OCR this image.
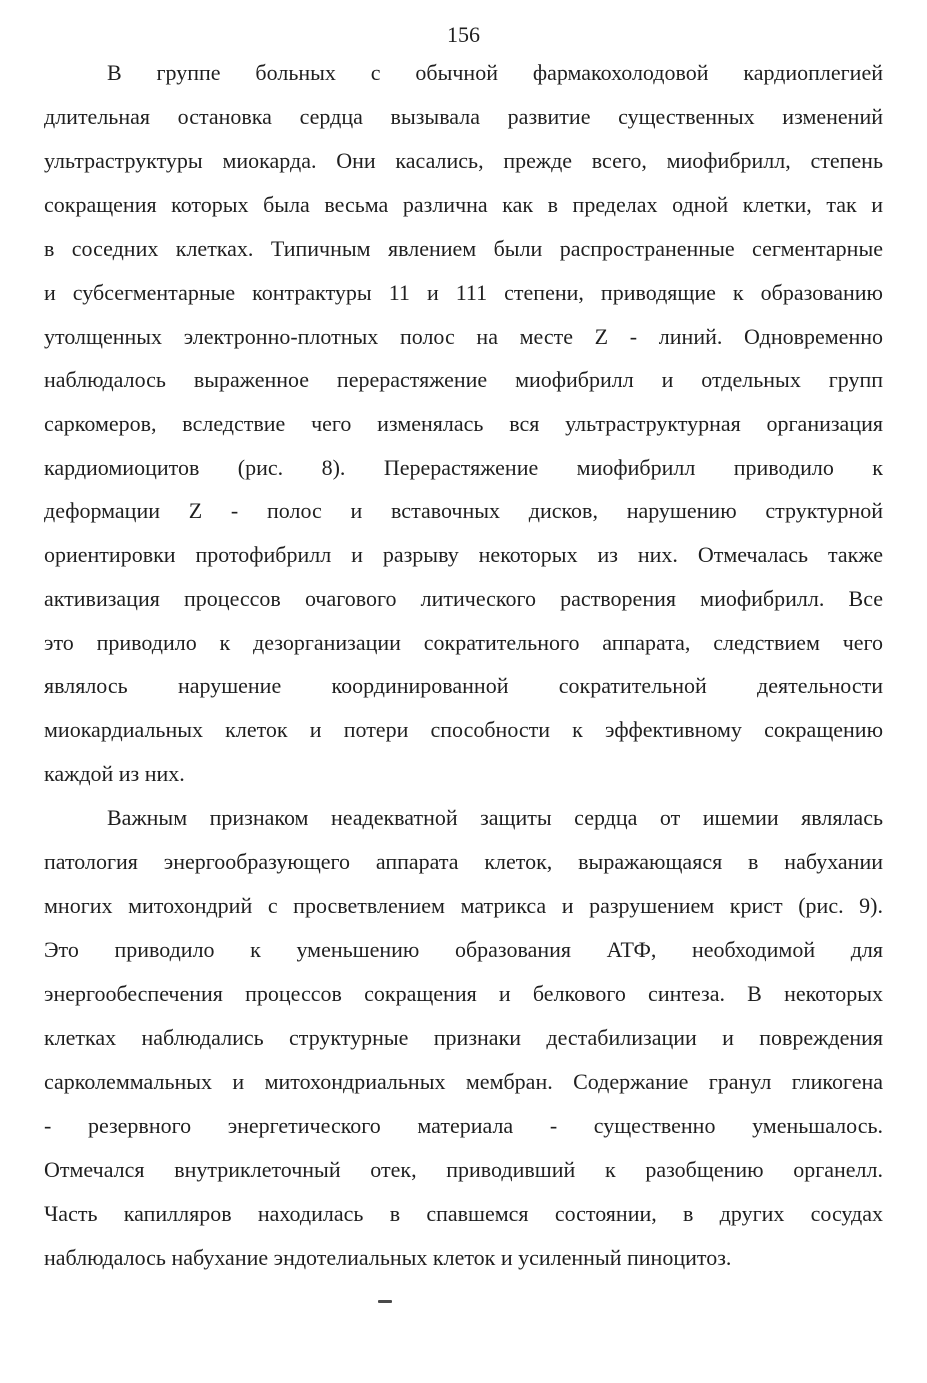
156
В группе больных с обычной фармакохолодовой кардиоплегией
длительная остановка сердца вызывала развитие существенных изменений
ультраструктуры миокарда. Они касались, прежде всего, миофибрилл, степень
сокращения которых была весьма различна как в пределах одной клетки, так и
в соседних клетках. Типичным явлением были распространенные сегментарные
и субсегментарные контрактуры 11 и 111 степени, приводящие к образованию
утолщенных электронно-плотных полос на месте Z - линий. Одновременно
наблюдалось выраженное перерастяжение миофибрилл и отдельных групп
саркомеров, вследствие чего изменялась вся ультраструктурная организация
кардиомиоцитов (рис. 8). Перерастяжение миофибрилл приводило к
деформации Z - полос и вставочных дисков, нарушению структурной
ориентировки протофибрилл и разрыву некоторых из них. Отмечалась также
активизация процессов очагового литического растворения миофибрилл. Все
это приводило к дезорганизации сократительного аппарата, следствием чего
являлось нарушение координированной сократительной деятельности
миокардиальных клеток и потери способности к эффективному сокращению
каждой из них.
Важным признаком неадекватной защиты сердца от ишемии являлась
патология энергообразующего аппарата клеток, выражающаяся в набухании
многих митохондрий с просветвлением матрикса и разрушением крист (рис. 9).
Это приводило к уменьшению образования АТФ, необходимой для
энергообеспечения процессов сокращения и белкового синтеза. В некоторых
клетках наблюдались структурные признаки дестабилизации и повреждения
сарколеммальных и митохондриальных мембран. Содержание гранул гликогена
- резервного энергетического материала - существенно уменьшалось.
Отмечался внутриклеточный отек, приводивший к разобщению органелл.
Часть капилляров находилась в спавшемся состоянии, в других сосудах
наблюдалось набухание эндотелиальных клеток и усиленный пиноцитоз.
